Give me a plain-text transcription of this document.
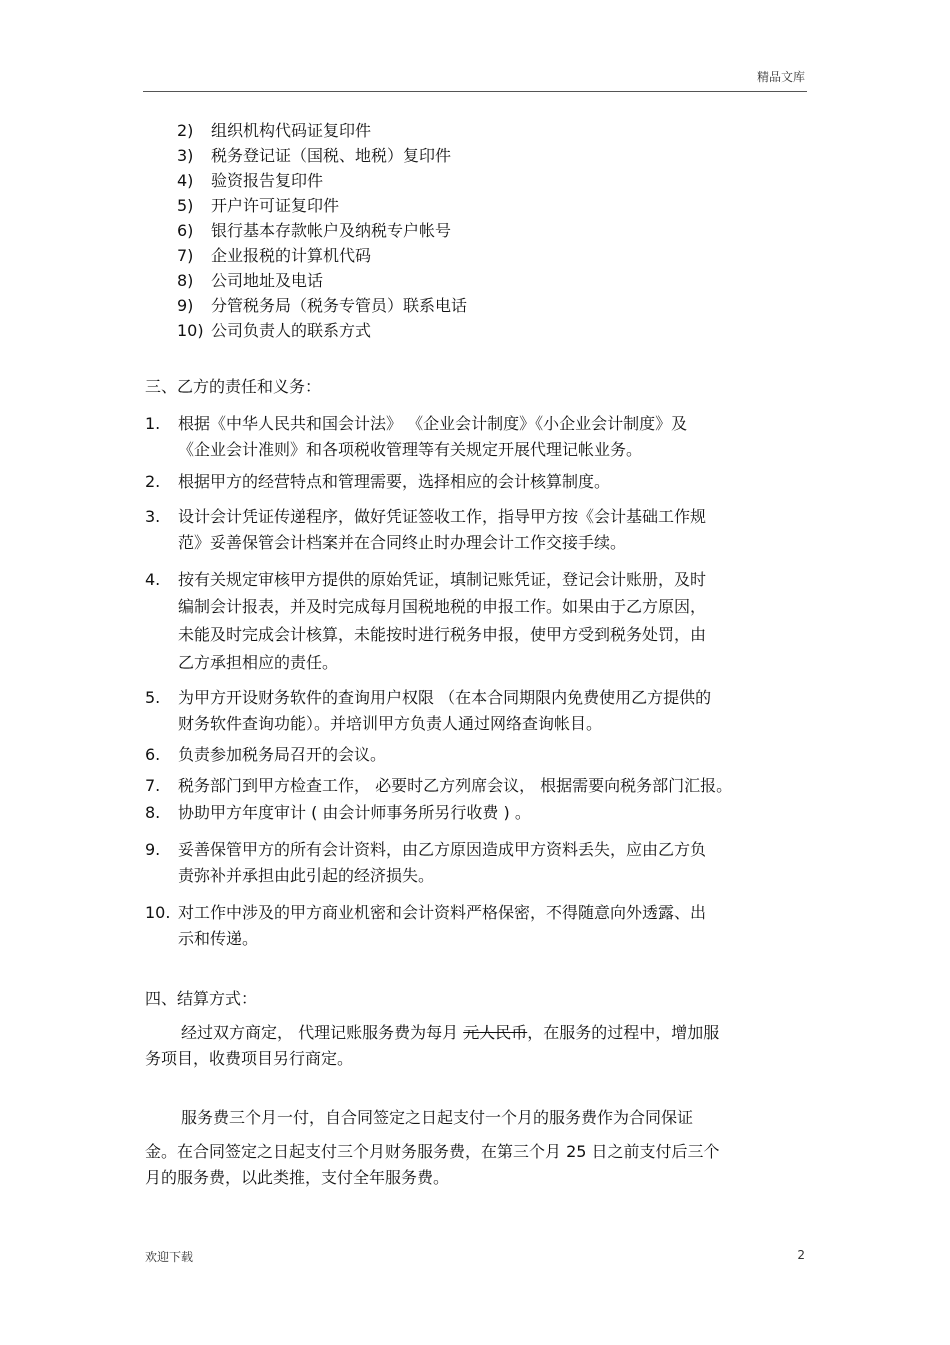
精品文库
2) 组织机构代码证复印件
3) 税务登记证（国税、地税）复印件
4) 验资报告复印件
5) 开户许可证复印件
6) 银行基本存款帐户及纳税专户帐号
7) 企业报税的计算机代码
8) 公司地址及电话
9) 分管税务局（税务专管员）联系电话
10) 公司负责人的联系方式
三、乙方的责任和义务：
1. 根据《中华人民共和国会计法》 《企业会计制度》《小企业会计制度》及
《企业会计准则》和各项税收管理等有关规定开展代理记帐业务。
2. 根据甲方的经营特点和管理需要，选择相应的会计核算制度。
3. 设计会计凭证传递程序，做好凭证签收工作，指导甲方按《会计基础工作规
范》妥善保管会计档案并在合同终止时办理会计工作交接手续。
4. 按有关规定审核甲方提供的原始凭证，填制记账凭证，登记会计账册，及时
编制会计报表，并及时完成每月国税地税的申报工作。如果由于乙方原因，
未能及时完成会计核算，未能按时进行税务申报，使甲方受到税务处罚，由
乙方承担相应的责任。
5. 为甲方开设财务软件的查询用户权限 （在本合同期限内免费使用乙方提供的
财务软件查询功能）。并培训甲方负责人通过网络查询帐目。
6. 负责参加税务局召开的会议。
7. 税务部门到甲方检查工作， 必要时乙方列席会议， 根据需要向税务部门汇报。
8. 协助甲方年度审计 ( 由会计师事务所另行收费 ) 。
9. 妥善保管甲方的所有会计资料，由乙方原因造成甲方资料丢失，应由乙方负
责弥补并承担由此引起的经济损失。
10. 对工作中涉及的甲方商业机密和会计资料严格保密，不得随意向外透露、出
示和传递。
四、结算方式：
经过双方商定， 代理记账服务费为每月 元人民币，在服务的过程中，增加服
务项目，收费项目另行商定。
服务费三个月一付，自合同签定之日起支付一个月的服务费作为合同保证
金。在合同签定之日起支付三个月财务服务费，在第三个月 25 日之前支付后三个
月的服务费，以此类推，支付全年服务费。
欢迎下载	2
